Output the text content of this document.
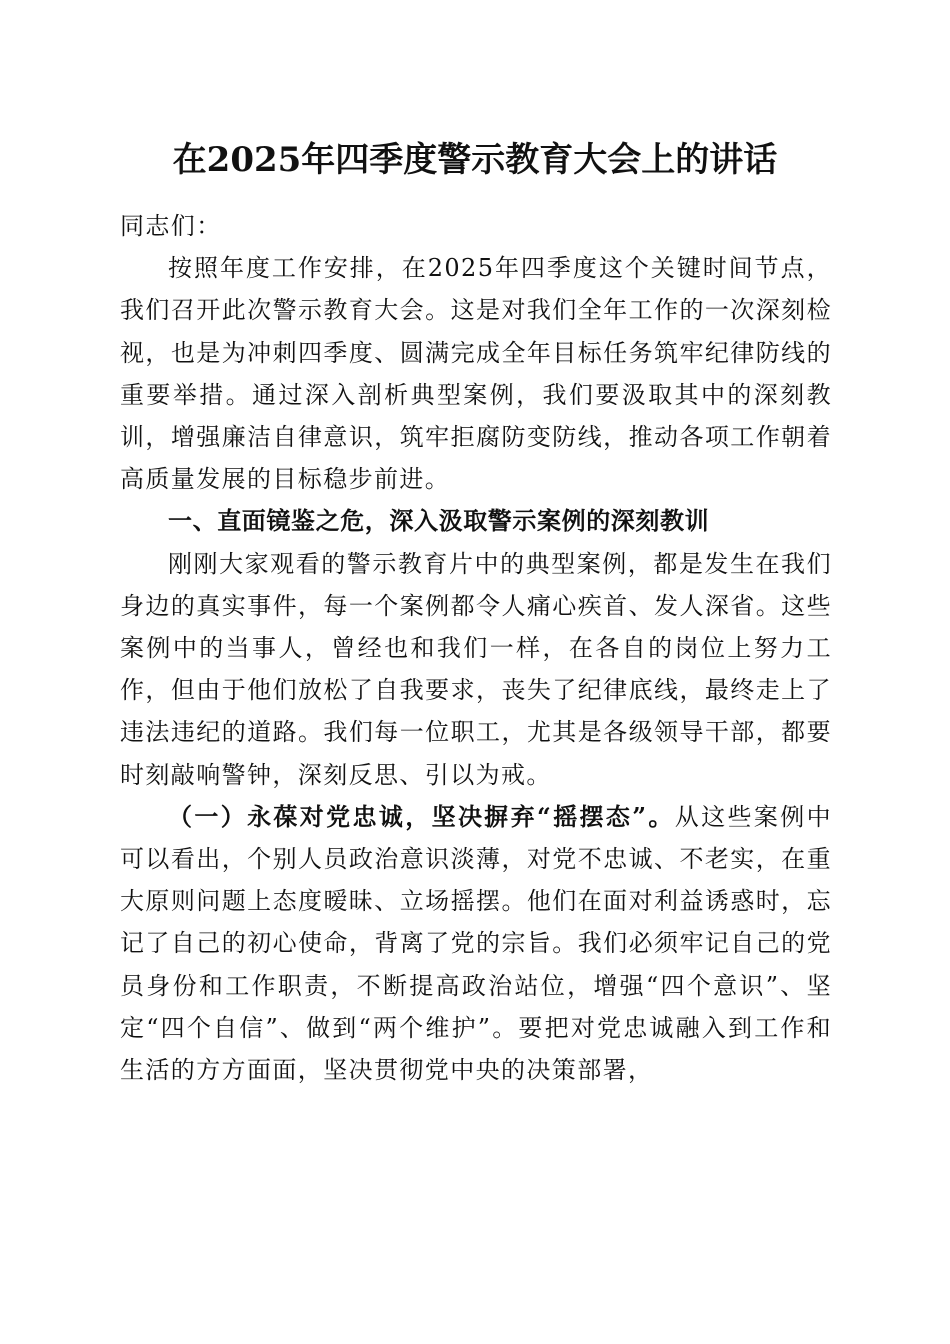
在2025年四季度警示教育大会上的讲话

同志们：

按照年度工作安排，在2025年四季度这个关键时间节点，我们召开此次警示教育大会。这是对我们全年工作的一次深刻检视，也是为冲刺四季度、圆满完成全年目标任务筑牢纪律防线的重要举措。通过深入剖析典型案例，我们要汲取其中的深刻教训，增强廉洁自律意识，筑牢拒腐防变防线，推动各项工作朝着高质量发展的目标稳步前进。

一、直面镜鉴之危，深入汲取警示案例的深刻教训

刚刚大家观看的警示教育片中的典型案例，都是发生在我们身边的真实事件，每一个案例都令人痛心疾首、发人深省。这些案例中的当事人，曾经也和我们一样，在各自的岗位上努力工作，但由于他们放松了自我要求，丧失了纪律底线，最终走上了违法违纪的道路。我们每一位职工，尤其是各级领导干部，都要时刻敲响警钟，深刻反思、引以为戒。

（一）永葆对党忠诚，坚决摒弃“摇摆态”。从这些案例中可以看出，个别人员政治意识淡薄，对党不忠诚、不老实，在重大原则问题上态度暧昧、立场摇摆。他们在面对利益诱惑时，忘记了自己的初心使命，背离了党的宗旨。我们必须牢记自己的党员身份和工作职责，不断提高政治站位，增强“四个意识”、坚定“四个自信”、做到“两个维护”。要把对党忠诚融入到工作和生活的方方面面，坚决贯彻党中央的决策部署，
